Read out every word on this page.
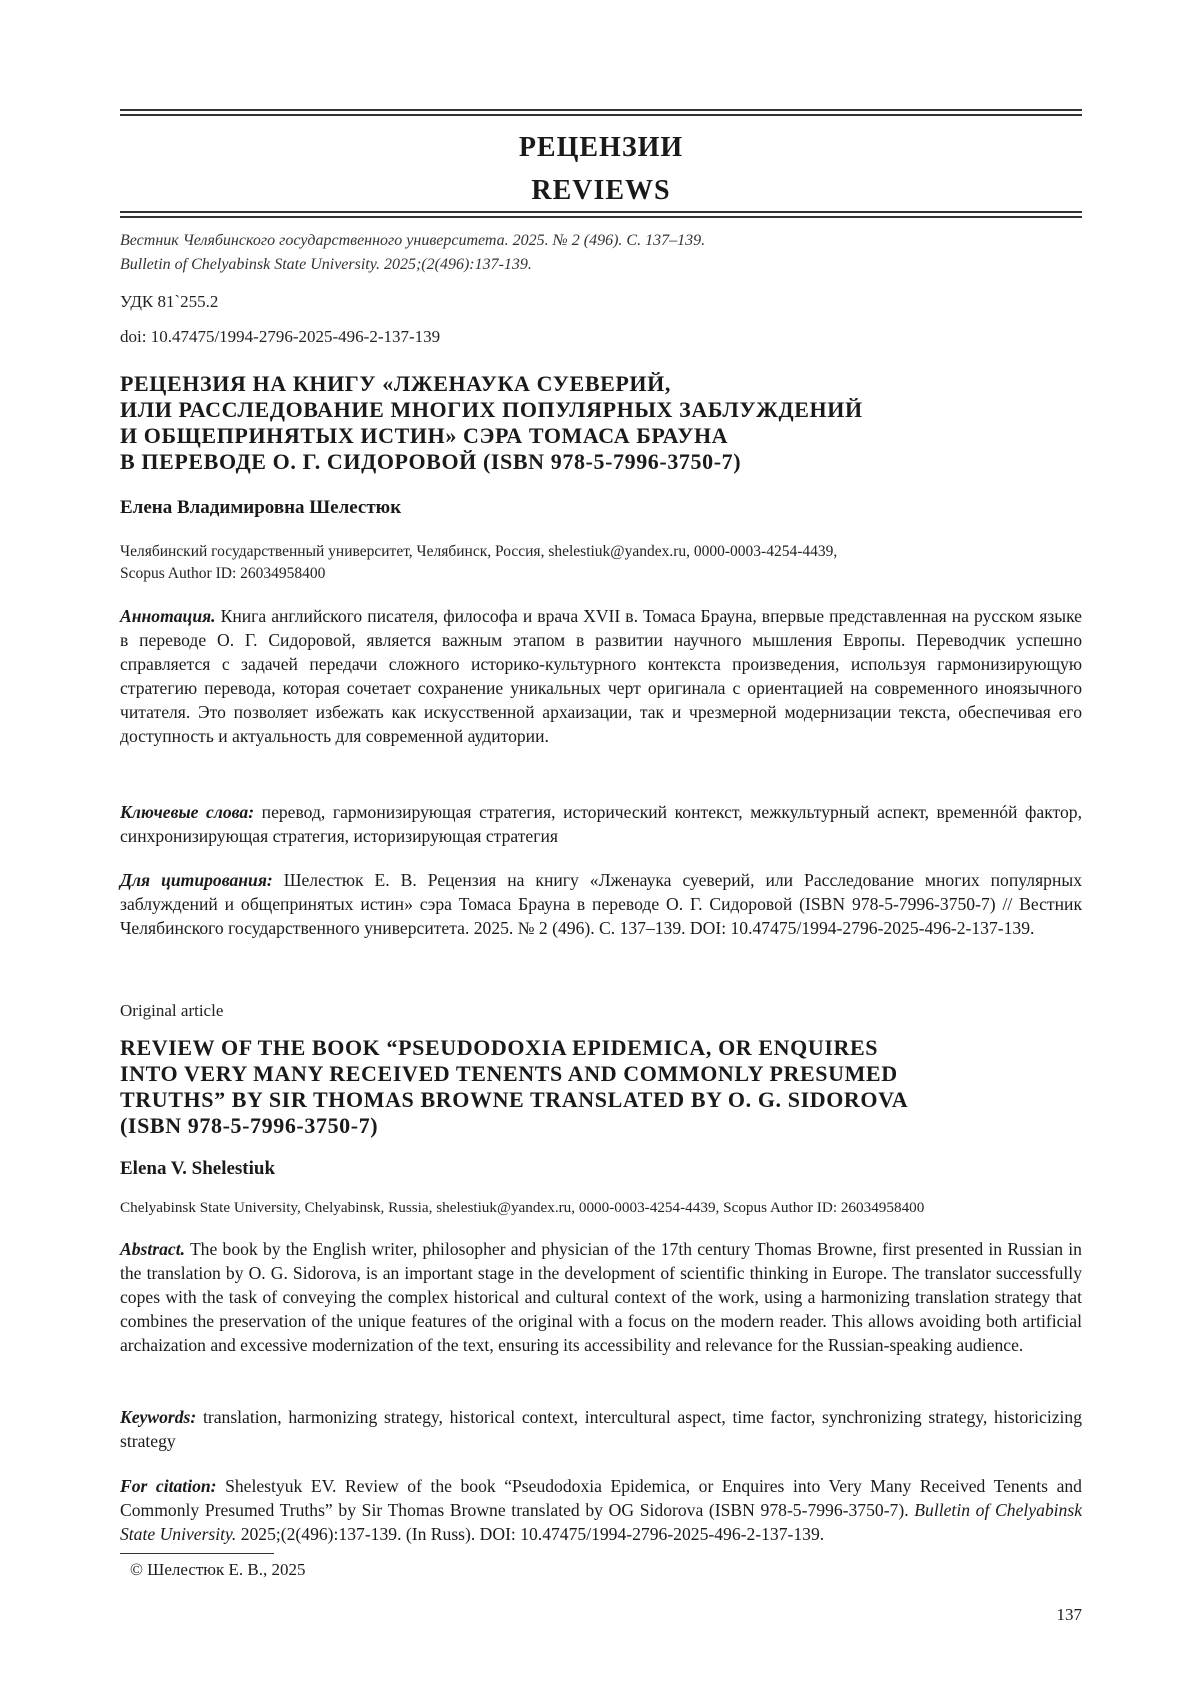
РЕЦЕНЗИИ
REVIEWS
Вестник Челябинского государственного университета. 2025. № 2 (496). С. 137–139.
Bulletin of Chelyabinsk State University. 2025;(2(496):137-139.
УДК 81`255.2
doi: 10.47475/1994-2796-2025-496-2-137-139
РЕЦЕНЗИЯ НА КНИГУ «ЛЖЕНАУКА СУЕВЕРИЙ,
ИЛИ РАССЛЕДОВАНИЕ МНОГИХ ПОПУЛЯРНЫХ ЗАБЛУЖДЕНИЙ
И ОБЩЕПРИНЯТЫХ ИСТИН» СЭРА ТОМАСА БРАУНА
В ПЕРЕВОДЕ О. Г. СИДОРОВОЙ (ISBN 978-5-7996-3750-7)
Елена Владимировна Шелестюк
Челябинский государственный университет, Челябинск, Россия, shelestiuk@yandex.ru, 0000-0003-4254-4439,
Scopus Author ID: 26034958400

Аннотация. Книга английского писателя, философа и врача XVII в. Томаса Брауна, впервые представленная на русском языке в переводе О. Г. Сидоровой, является важным этапом в развитии научного мышления Европы. Переводчик успешно справляется с задачей передачи сложного историко-культурного контекста произведения, используя гармонизирующую стратегию перевода, которая сочетает сохранение уникальных черт оригинала с ориентацией на современного иноязычного читателя. Это позволяет избежать как искусственной архаизации, так и чрезмерной модернизации текста, обеспечивая его доступность и актуальность для современной аудитории.

Ключевые слова: перевод, гармонизирующая стратегия, исторический контекст, межкультурный аспект, временнóй фактор, синхронизирующая стратегия, историзирующая стратегия

Для цитирования: Шелестюк Е. В. Рецензия на книгу «Лженаука суеверий, или Расследование многих популярных заблуждений и общепринятых истин» сэра Томаса Брауна в переводе О. Г. Сидоровой (ISBN 978-5-7996-3750-7) // Вестник Челябинского государственного университета. 2025. № 2 (496). С. 137–139. DOI: 10.47475/1994-2796-2025-496-2-137-139.

Original article
REVIEW OF THE BOOK “PSEUDODOXIA EPIDEMICA, OR ENQUIRES
INTO VERY MANY RECEIVED TENENTS AND COMMONLY PRESUMED
TRUTHS” BY SIR THOMAS BROWNE TRANSLATED BY O. G. SIDOROVA
(ISBN 978-5-7996-3750-7)
Elena V. Shelestiuk
Chelyabinsk State University, Chelyabinsk, Russia, shelestiuk@yandex.ru, 0000-0003-4254-4439, Scopus Author ID: 26034958400

Abstract. The book by the English writer, philosopher and physician of the 17th century Thomas Browne, first presented in Russian in the translation by O. G. Sidorova, is an important stage in the development of scientific thinking in Europe. The translator successfully copes with the task of conveying the complex historical and cultural context of the work, using a harmonizing translation strategy that combines the preservation of the unique features of the original with a focus on the modern reader. This allows avoiding both artificial archaization and excessive modernization of the text, ensuring its accessibility and relevance for the Russian-speaking audience.

Keywords: translation, harmonizing strategy, historical context, intercultural aspect, time factor, synchronizing strategy, historicizing strategy

For citation: Shelestyuk EV. Review of the book “Pseudodoxia Epidemica, or Enquires into Very Many Received Tenents and Commonly Presumed Truths” by Sir Thomas Browne translated by OG Sidorova (ISBN 978-5-7996-3750-7). Bulletin of Chelyabinsk State University. 2025;(2(496):137-139. (In Russ). DOI: 10.47475/1994-2796-2025-496-2-137-139.

© Шелестюк Е. В., 2025
137
